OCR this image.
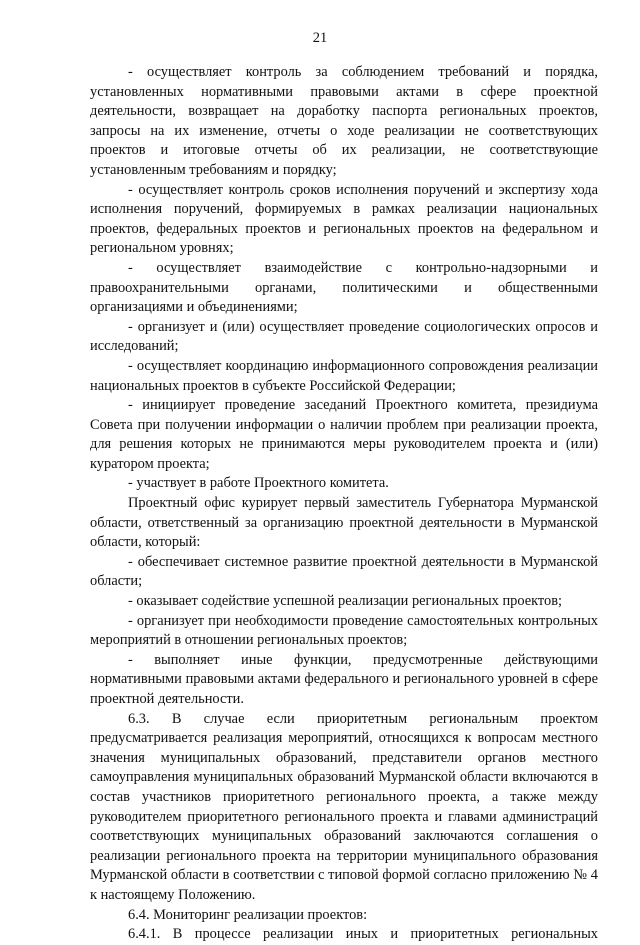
21

- осуществляет контроль за соблюдением требований и порядка, установленных нормативными правовыми актами в сфере проектной деятельности, возвращает на доработку паспорта региональных проектов, запросы на их изменение, отчеты о ходе реализации не соответствующих проектов и итоговые отчеты об их реализации, не соответствующие установленным требованиям и порядку;

- осуществляет контроль сроков исполнения поручений и экспертизу хода исполнения поручений, формируемых в рамках реализации национальных проектов, федеральных проектов и региональных проектов на федеральном и региональном уровнях;

- осуществляет взаимодействие с контрольно-надзорными и правоохранительными органами, политическими и общественными организациями и объединениями;

- организует и (или) осуществляет проведение социологических опросов и исследований;

- осуществляет координацию информационного сопровождения реализации национальных проектов в субъекте Российской Федерации;

- инициирует проведение заседаний Проектного комитета, президиума Совета при получении информации о наличии проблем при реализации проекта, для решения которых не принимаются меры руководителем проекта и (или) куратором проекта;

- участвует в работе Проектного комитета.

Проектный офис курирует первый заместитель Губернатора Мурманской области, ответственный за организацию проектной деятельности в Мурманской области, который:

- обеспечивает системное развитие проектной деятельности в Мурманской области;

- оказывает содействие успешной реализации региональных проектов;

- организует при необходимости проведение самостоятельных контрольных мероприятий в отношении региональных проектов;

- выполняет иные функции, предусмотренные действующими нормативными правовыми актами федерального и регионального уровней в сфере проектной деятельности.

6.3. В случае если приоритетным региональным проектом предусматривается реализация мероприятий, относящихся к вопросам местного значения муниципальных образований, представители органов местного самоуправления муниципальных образований Мурманской области включаются в состав участников приоритетного регионального проекта, а также между руководителем приоритетного регионального проекта и главами администраций соответствующих муниципальных образований заключаются соглашения о реализации регионального проекта на территории муниципального образования Мурманской области в соответствии с типовой формой согласно приложению № 4 к настоящему Положению.

6.4. Мониторинг реализации проектов:

6.4.1. В процессе реализации иных и приоритетных региональных
